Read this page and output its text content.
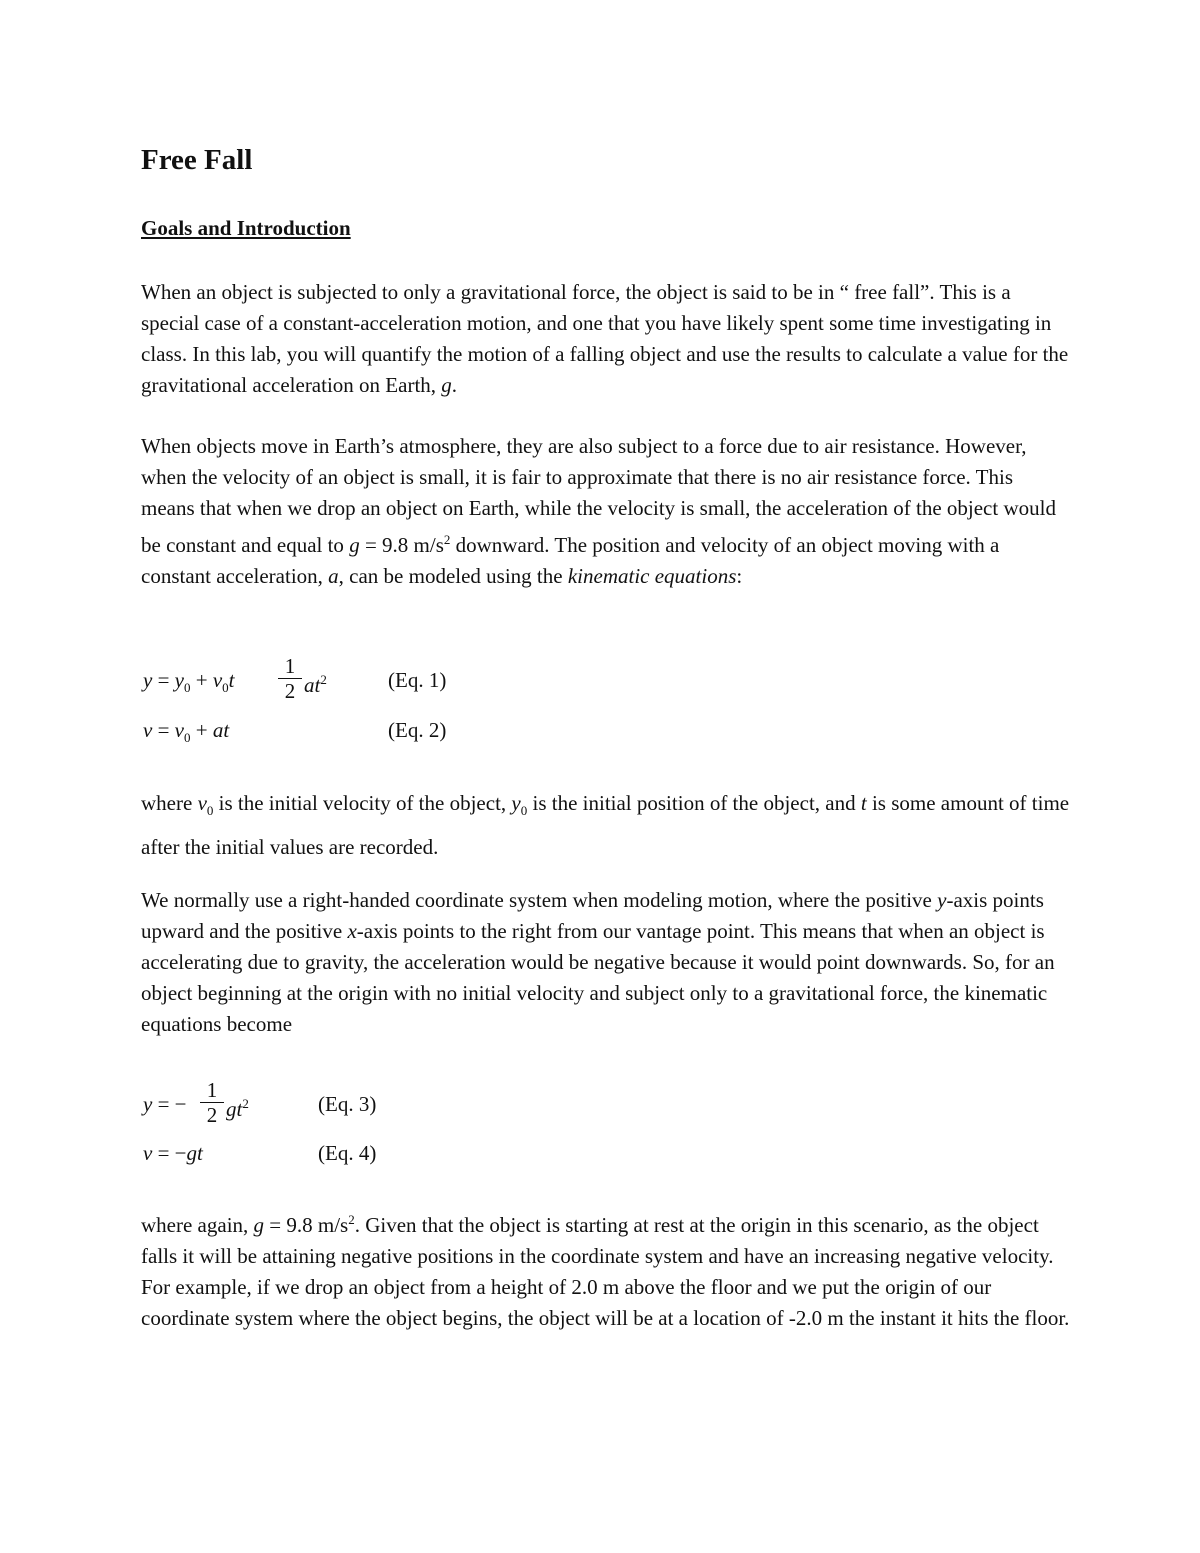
Free Fall
Goals and Introduction

When an object is subjected to only a gravitational force, the object is said to be in “ free fall”. This is a special case of a constant-acceleration motion, and one that you have likely spent some time investigating in class. In this lab, you will quantify the motion of a falling object and use the results to calculate a value for the gravitational acceleration on Earth, g.

When objects move in Earth’s atmosphere, they are also subject to a force due to air resistance. However, when the velocity of an object is small, it is fair to approximate that there is no air resistance force. This means that when we drop an object on Earth, while the velocity is small, the acceleration of the object would be constant and equal to g = 9.8 $m/s^2$ downward. The position and velocity of an object moving with a constant acceleration, a, can be modeled using the kinematic equations:

$y = y_0 + v_0t \frac{1}{2} at^2$	(Eq. 1)
$v = v_0$ + at	(Eq. 2)

where $v_0$ is the initial velocity of the object, $y_0$ is the initial position of the object, and t is some amount of time after the initial values are recorded.

We normally use a right-handed coordinate system when modeling motion, where the positive y-axis points upward and the positive x-axis points to the right from our vantage point. This means that when an object is accelerating due to gravity, the acceleration would be negative because it would point downwards. So, for an object beginning at the origin with no initial velocity and subject only to a gravitational force, the kinematic equations become

y = − $\frac{1}{2} gt^2$	(Eq. 3)
v = −gt	(Eq. 4)

where again, g = 9.8 $m/s^2$. Given that the object is starting at rest at the origin in this scenario, as the object falls it will be attaining negative positions in the coordinate system and have an increasing negative velocity. For example, if we drop an object from a height of 2.0 m above the floor and we put the origin of our coordinate system where the object begins, the object will be at a location of -2.0 m the instant it hits the floor.
